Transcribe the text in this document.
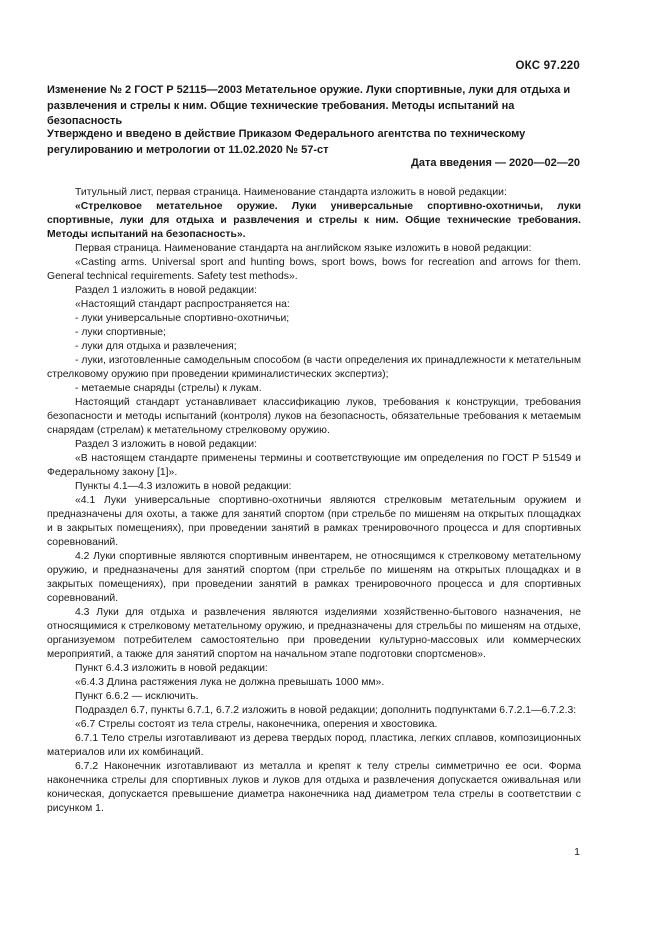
ОКС 97.220
Изменение № 2 ГОСТ Р 52115—2003 Метательное оружие. Луки спортивные, луки для отдыха и развлечения и стрелы к ним. Общие технические требования. Методы испытаний на безопасность
Утверждено и введено в действие Приказом Федерального агентства по техническому регулированию и метрологии от 11.02.2020 № 57-ст
Дата введения — 2020—02—20

Титульный лист, первая страница. Наименование стандарта изложить в новой редакции:

«Стрелковое метательное оружие. Луки универсальные спортивно-охотничьи, луки спортивные, луки для отдыха и развлечения и стрелы к ним. Общие технические требования. Методы испытаний на безопасность».

Первая страница. Наименование стандарта на английском языке изложить в новой редакции:

«Casting arms. Universal sport and hunting bows, sport bows, bows for recreation and arrows for them. General technical requirements. Safety test methods».

Раздел 1 изложить в новой редакции:

«Настоящий стандарт распространяется на:

- луки универсальные спортивно-охотничьи;

- луки спортивные;

- луки для отдыха и развлечения;

- луки, изготовленные самодельным способом (в части определения их принадлежности к метательным стрелковому оружию при проведении криминалистических экспертиз);

- метаемые снаряды (стрелы) к лукам.

Настоящий стандарт устанавливает классификацию луков, требования к конструкции, требования безопасности и методы испытаний (контроля) луков на безопасность, обязательные требования к метаемым снарядам (стрелам) к метательному стрелковому оружию.

Раздел 3 изложить в новой редакции:

«В настоящем стандарте применены термины и соответствующие им определения по ГОСТ Р 51549 и Федеральному закону [1]».

Пункты 4.1—4.3 изложить в новой редакции:

«4.1 Луки универсальные спортивно-охотничьи являются стрелковым метательным оружием и предназначены для охоты, а также для занятий спортом (при стрельбе по мишеням на открытых площадках и в закрытых помещениях), при проведении занятий в рамках тренировочного процесса и для спортивных соревнований.

4.2 Луки спортивные являются спортивным инвентарем, не относящимся к стрелковому метательному оружию, и предназначены для занятий спортом (при стрельбе по мишеням на открытых площадках и в закрытых помещениях), при проведении занятий в рамках тренировочного процесса и для спортивных соревнований.

4.3 Луки для отдыха и развлечения являются изделиями хозяйственно-бытового назначения, не относящимися к стрелковому метательному оружию, и предназначены для стрельбы по мишеням на отдыхе, организуемом потребителем самостоятельно при проведении культурно-массовых или коммерческих мероприятий, а также для занятий спортом на начальном этапе подготовки спортсменов».

Пункт 6.4.3 изложить в новой редакции:

«6.4.3 Длина растяжения лука не должна превышать 1000 мм».

Пункт 6.6.2 — исключить.

Подраздел 6.7, пункты 6.7.1, 6.7.2 изложить в новой редакции; дополнить подпунктами 6.7.2.1—6.7.2.3:

«6.7 Стрелы состоят из тела стрелы, наконечника, оперения и хвостовика.

6.7.1 Тело стрелы изготавливают из дерева твердых пород, пластика, легких сплавов, композиционных материалов или их комбинаций.

6.7.2 Наконечник изготавливают из металла и крепят к телу стрелы симметрично ее оси. Форма наконечника стрелы для спортивных луков и луков для отдыха и развлечения допускается оживальная или коническая, допускается превышение диаметра наконечника над диаметром тела стрелы в соответствии с рисунком 1.

1
